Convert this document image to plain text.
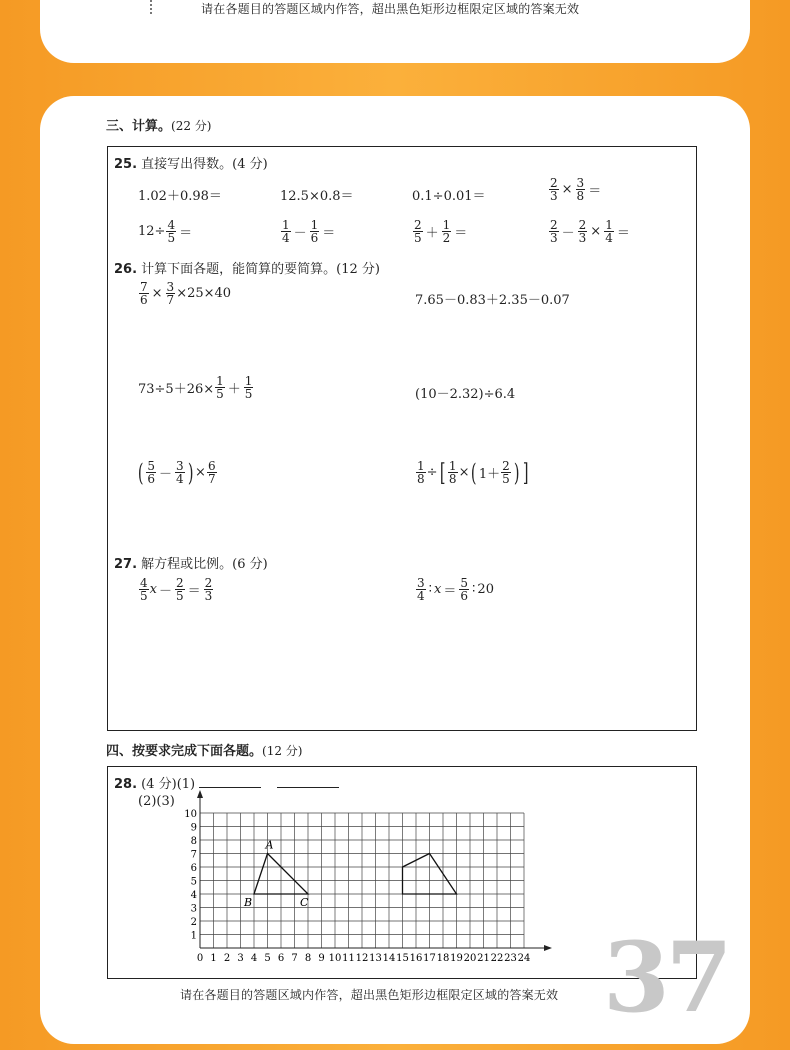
请在各题目的答题区域内作答，超出黑色矩形边框限定区域的答案无效
三、计算。(22 分)
25. 直接写出得数。(4 分)
1.02＋0.98＝	12.5×0.8＝	0.1÷0.01＝	$\frac{2}{3} \times \frac{3}{8}$ ＝
$12\div \frac{4}{5}$ ＝	$\frac{1}{4} - \frac{1}{6}$ ＝	$\frac{2}{5} + \frac{1}{2}$ ＝	$\frac{2}{3} - \frac{2}{3} \times \frac{1}{4}$ ＝
26. 计算下面各题，能简算的要简算。(12 分)
$\frac{7}{6} \times \frac{3}{7} \times 25\times 40$	7.65－0.83＋2.35－0.07
$73\div 5+26\times \frac{1}{5} + \frac{1}{5}$	(10－2.32)÷6.4
( $\frac{5}{6} - \frac{3}{4}$ ) × $\frac{6}{7}$	$\frac{1}{8}$ ÷ [ $\frac{1}{8}$ × ( $1+ \frac{2}{5}$ ) ]
27. 解方程或比例。(6 分)
$\frac{4}{5}$ $x - \frac{2}{5} = \frac{2}{3}$	$\frac{3}{4}$ ∶ $x = \frac{5}{6}$ ∶ 20
四、按要求完成下面各题。(12 分)
28. (4 分)(1)
(2)(3)
0 1 2 3 4 5 6 7 8 9 10 11 12 13 14 15 16 17 18 19 20 21 22 23 24
1
2
3
4
5
6
7
8
9
10
A
B	C
请在各题目的答题区域内作答，超出黑色矩形边框限定区域的答案无效 37
